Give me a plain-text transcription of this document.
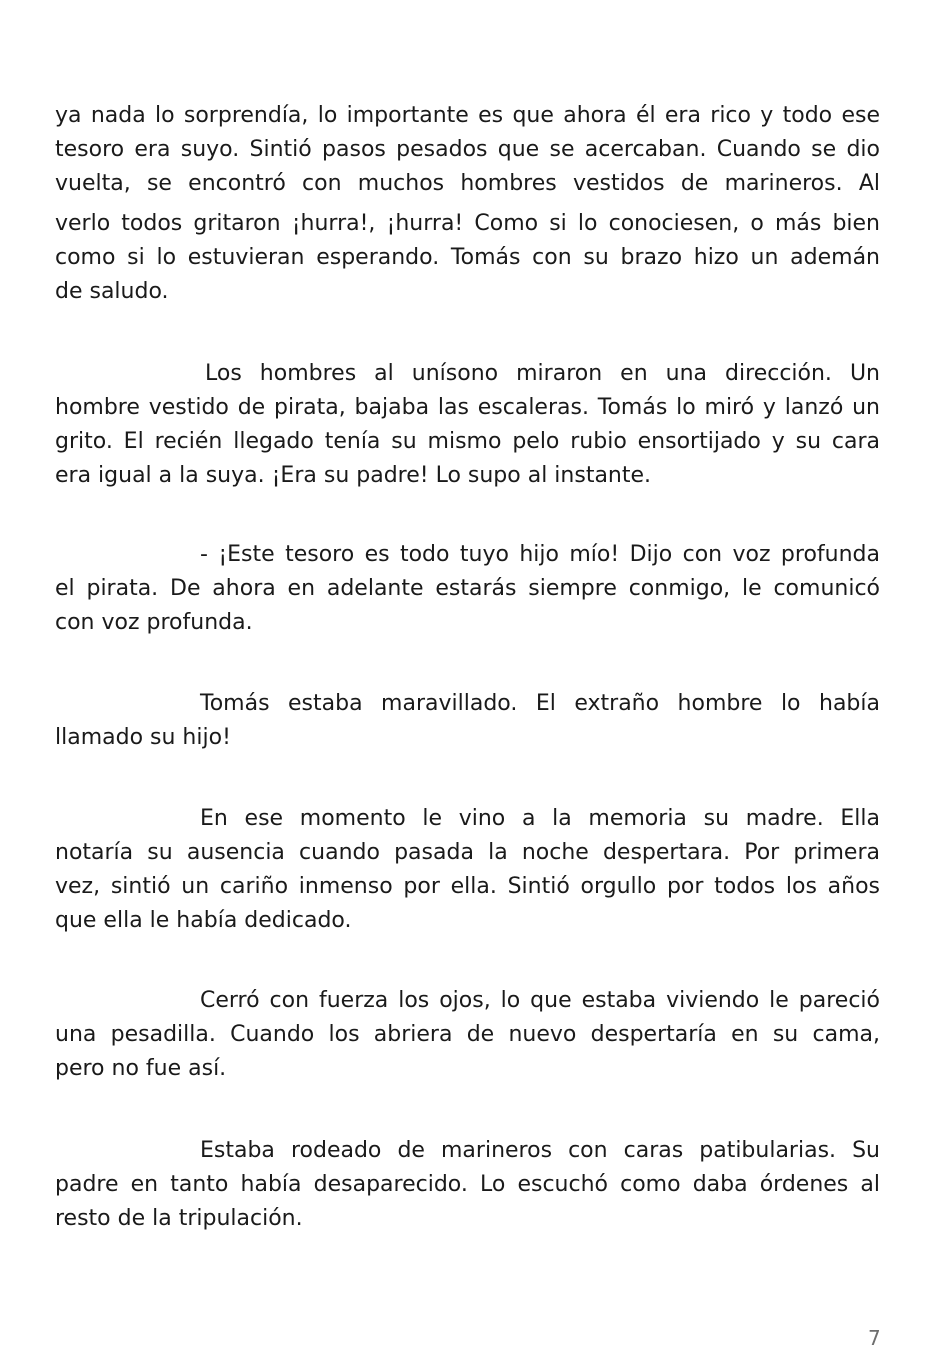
ya nada lo sorprendía, lo importante es que ahora él era rico y todo ese
tesoro era suyo. Sintió pasos pesados que se acercaban. Cuando se dio
vuelta, se encontró con muchos hombres vestidos de marineros. Al
verlo todos gritaron ¡hurra!, ¡hurra! Como si lo conociesen, o más bien
como si lo estuvieran esperando. Tomás con su brazo hizo un ademán
de saludo.
Los hombres al unísono miraron en una dirección. Un
hombre vestido de pirata, bajaba las escaleras. Tomás lo miró y lanzó un
grito. El recién llegado tenía su mismo pelo rubio ensortijado y su cara
era igual a la suya. ¡Era su padre! Lo supo al instante.
- ¡Este tesoro es todo tuyo hijo mío! Dijo con voz profunda
el pirata. De ahora en adelante estarás siempre conmigo, le comunicó
con voz profunda.
Tomás estaba maravillado. El extraño hombre lo había
llamado su hijo!
En ese momento le vino a la memoria su madre. Ella
notaría su ausencia cuando pasada la noche despertara. Por primera
vez, sintió un cariño inmenso por ella. Sintió orgullo por todos los años
que ella le había dedicado.
Cerró con fuerza los ojos, lo que estaba viviendo le pareció
una pesadilla. Cuando los abriera de nuevo despertaría en su cama,
pero no fue así.
Estaba rodeado de marineros con caras patibularias. Su
padre en tanto había desaparecido. Lo escuchó como daba órdenes al
resto de la tripulación.
7
